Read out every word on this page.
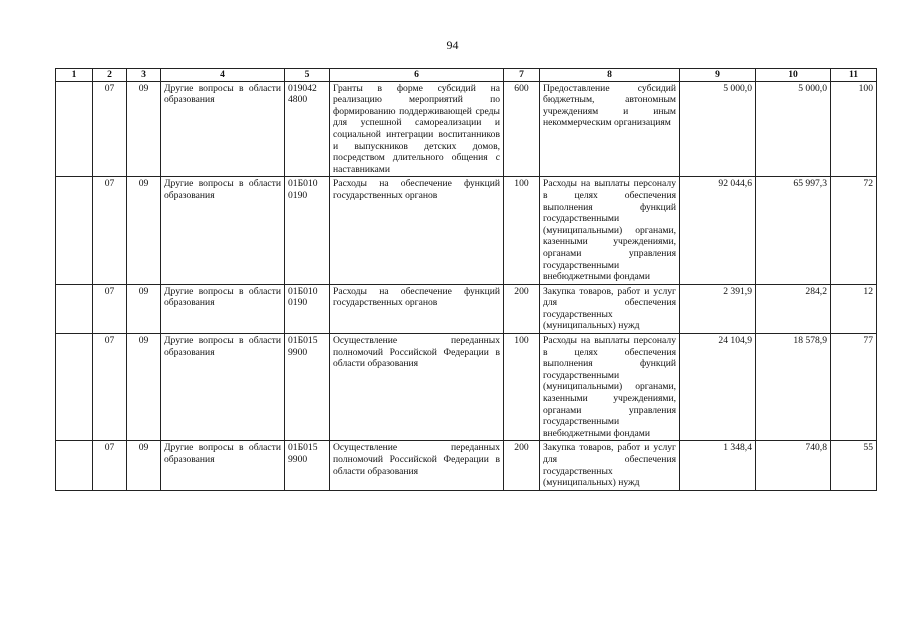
94
1	2	3	4	5	6	7	8	9	10	11
	07	09	Другие вопросы в области образования	019042 4800	Гранты в форме субсидий на реализацию мероприятий по формированию поддерживающей среды для успешной самореализации и социальной интеграции воспитанников и выпускников детских домов, посредством длительного общения с наставниками	600	Предоставление субсидий бюджетным, автономным учреждениям и иным некоммерческим организациям	5 000,0	5 000,0	100
	07	09	Другие вопросы в области образования	01Б010 0190	Расходы на обеспечение функций государственных органов	100	Расходы на выплаты персоналу в целях обеспечения выполнения функций государственными (муниципальными) органами, казенными учреждениями, органами управления государственными внебюджетными фондами	92 044,6	65 997,3	72
	07	09	Другие вопросы в области образования	01Б010 0190	Расходы на обеспечение функций государственных органов	200	Закупка товаров, работ и услуг для обеспечения государственных (муниципальных) нужд	2 391,9	284,2	12
	07	09	Другие вопросы в области образования	01Б015 9900	Осуществление переданных полномочий Российской Федерации в области образования	100	Расходы на выплаты персоналу в целях обеспечения выполнения функций государственными (муниципальными) органами, казенными учреждениями, органами управления государственными внебюджетными фондами	24 104,9	18 578,9	77
	07	09	Другие вопросы в области образования	01Б015 9900	Осуществление переданных полномочий Российской Федерации в области образования	200	Закупка товаров, работ и услуг для обеспечения государственных (муниципальных) нужд	1 348,4	740,8	55
